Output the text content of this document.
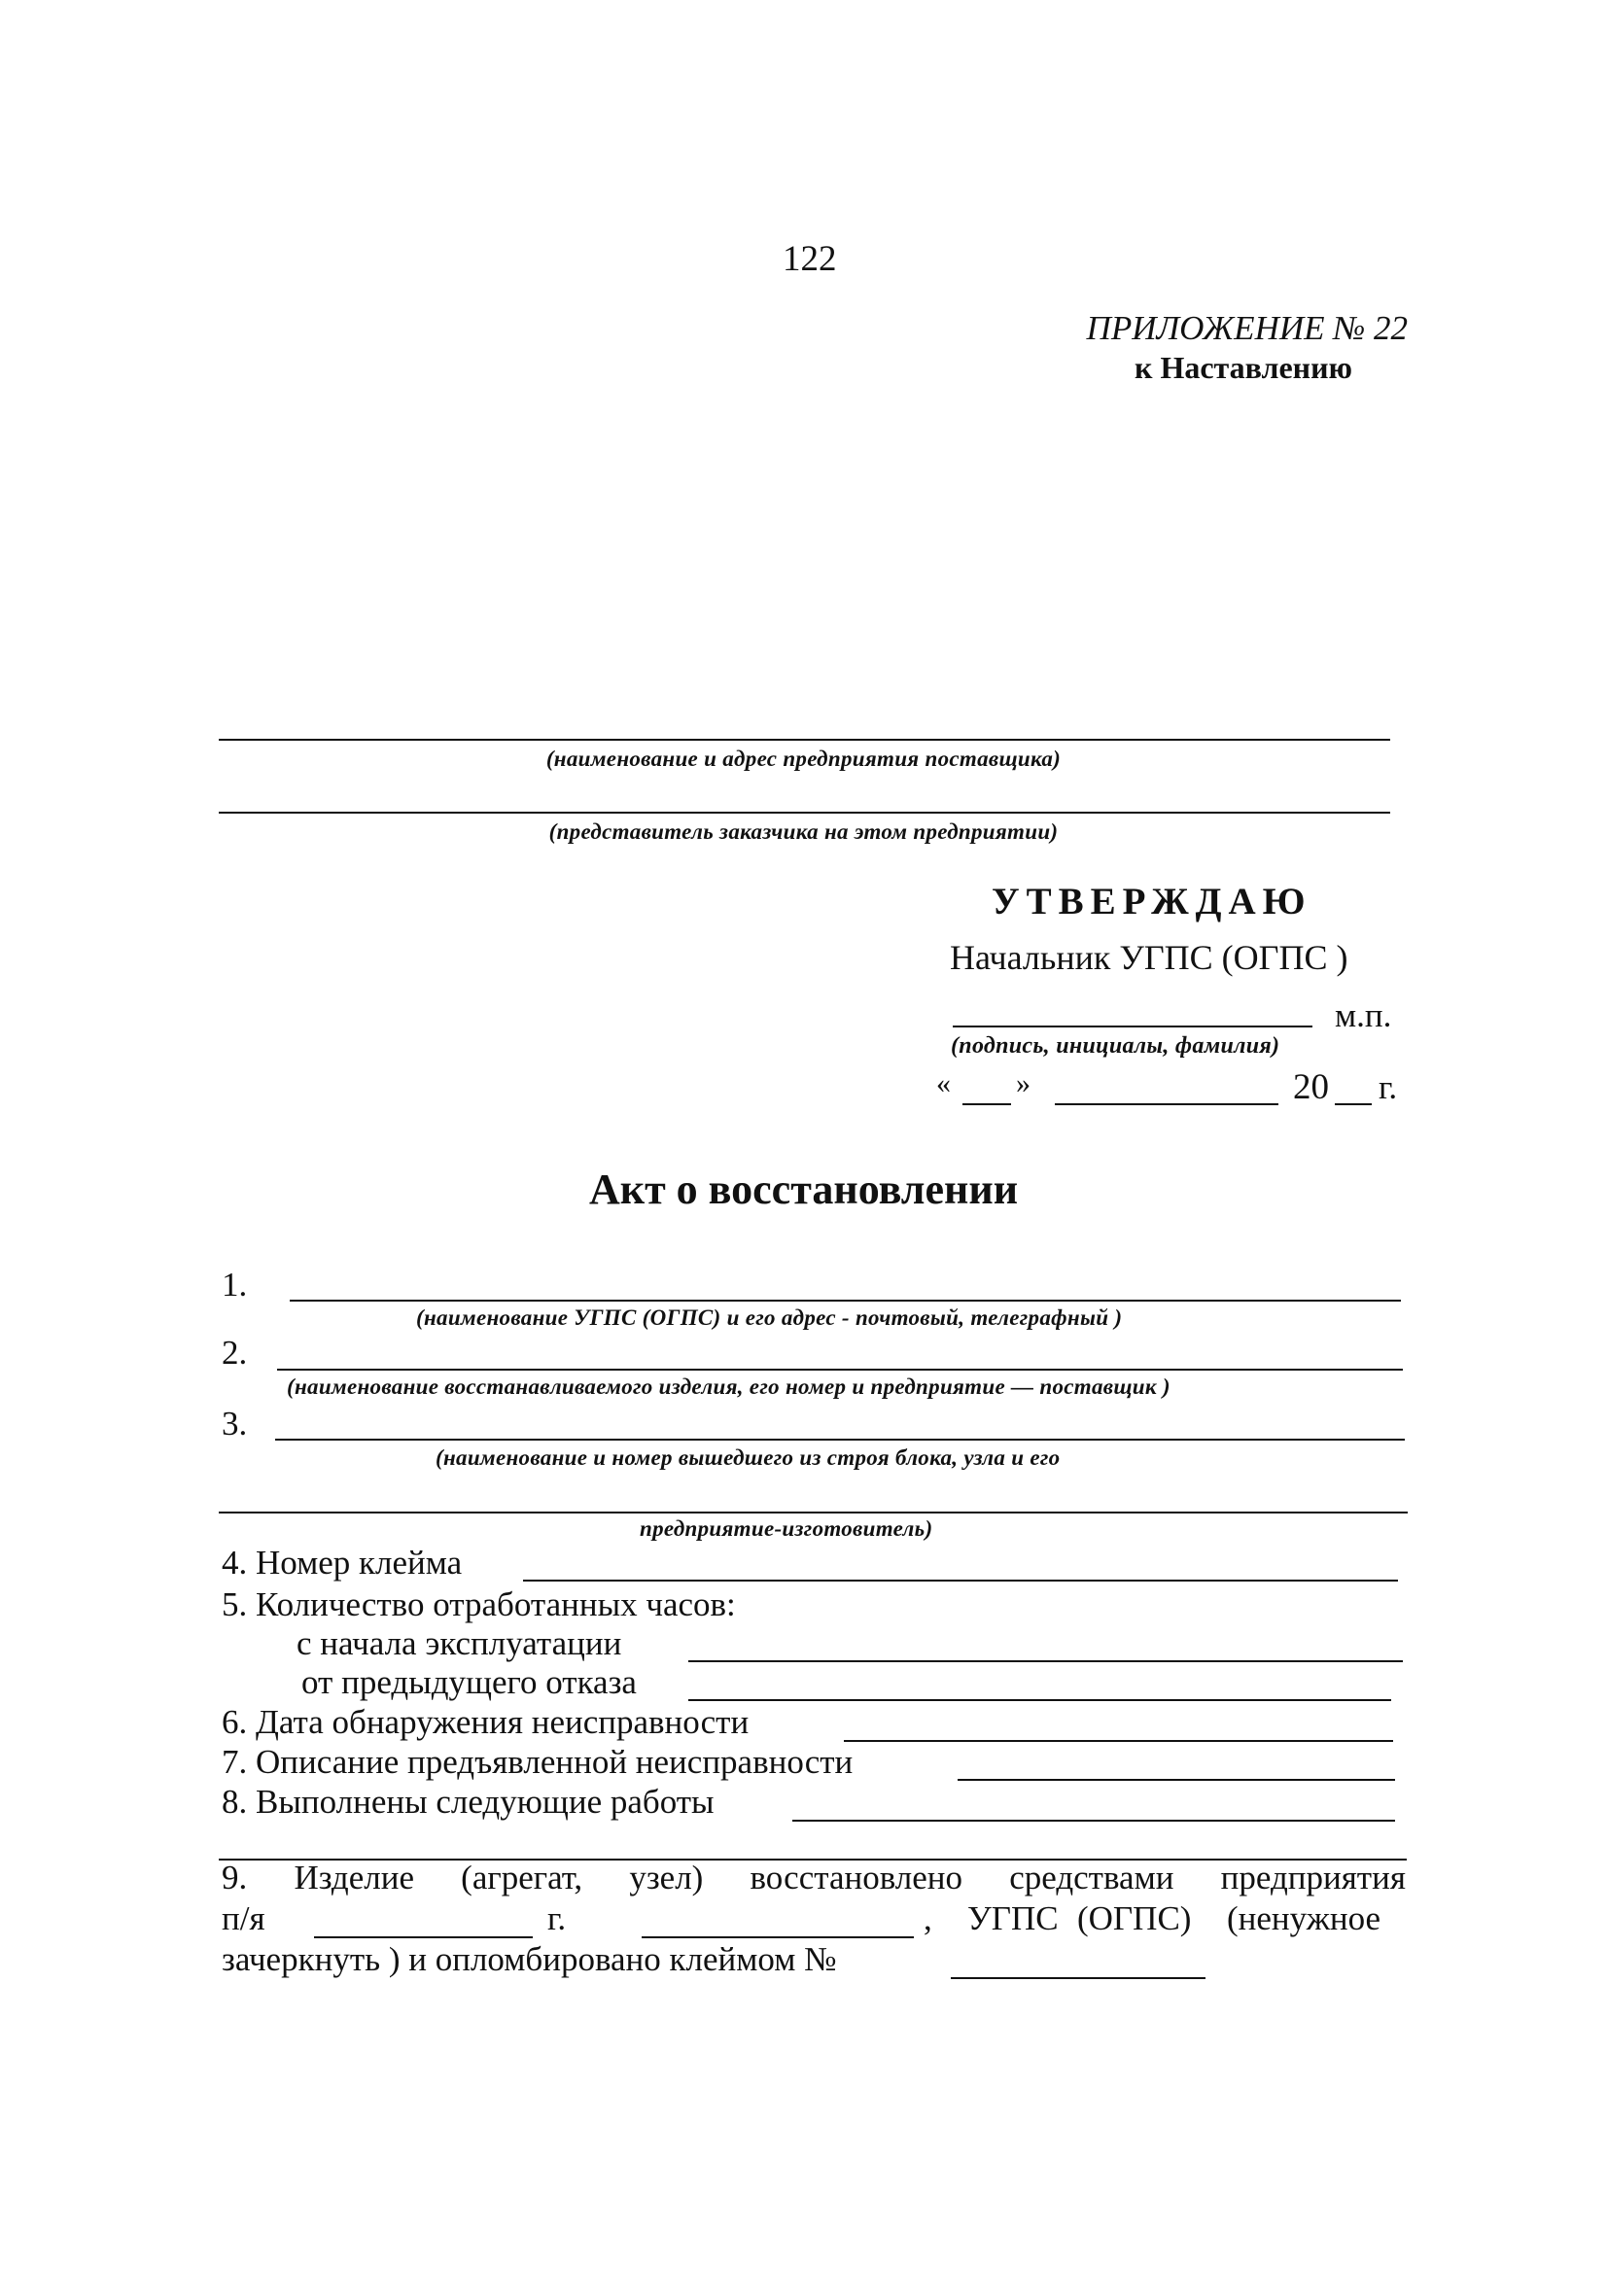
122
ПРИЛОЖЕНИЕ № 22
к Наставлению
(наименование и адрес предприятия поставщика)
(представитель заказчика на этом предприятии)
УТВЕРЖДАЮ
Начальник УГПС (ОГПС )
м.п.
(подпись, инициалы, фамилия)
« »	20 г.
Акт о восстановлении
1.
(наименование УГПС (ОГПС) и его адрес - почтовый, телеграфный )
2.
(наименование восстанавливаемого изделия, его номер и предприятие — поставщик )
3.
(наименование и номер вышедшего из строя блока, узла и его
предприятие-изготовитель)
4. Номер клейма
5. Количество отработанных часов:
с начала эксплуатации
от предыдущего отказа
6. Дата обнаружения неисправности
7. Описание предъявленной неисправности
8. Выполнены следующие работы
9. Изделие (агрегат, узел) восстановлено средствами предприятия
п/я	г.	, УГПС (ОГПС) (ненужное
зачеркнуть ) и опломбировано клеймом №
